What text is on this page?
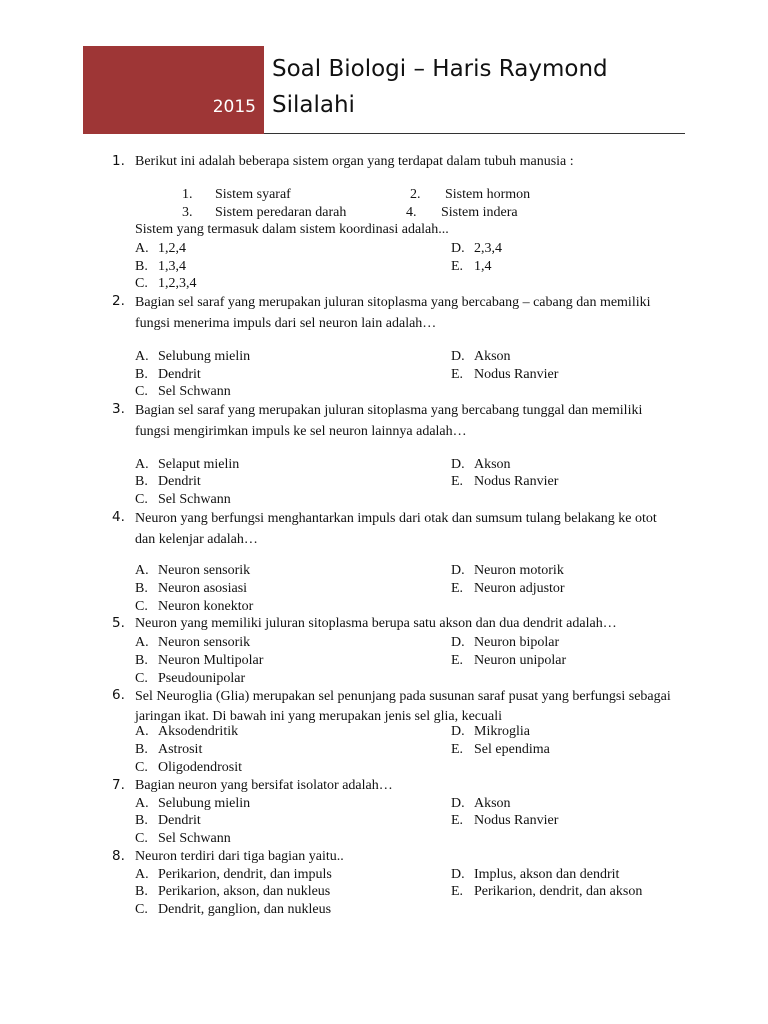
2015
Soal Biologi – Haris Raymond
Silalahi
1. Berikut ini adalah beberapa sistem organ yang terdapat dalam tubuh manusia :
1. Sistem syaraf	2. Sistem hormon
3. Sistem peredaran darah	4. Sistem indera
Sistem yang termasuk dalam sistem koordinasi adalah...
A. 1,2,4
B. 1,3,4
C. 1,2,3,4
D. 2,3,4
E. 1,4
2. Bagian sel saraf yang merupakan juluran sitoplasma yang bercabang – cabang dan memiliki fungsi menerima impuls dari sel neuron lain adalah…
A. Selubung mielin
B. Dendrit
C. Sel Schwann
D. Akson
E. Nodus Ranvier
3. Bagian sel saraf yang merupakan juluran sitoplasma yang bercabang tunggal dan memiliki fungsi mengirimkan impuls ke sel neuron lainnya adalah…
A. Selaput mielin
B. Dendrit
C. Sel Schwann
D. Akson
E. Nodus Ranvier
4. Neuron yang berfungsi menghantarkan impuls dari otak dan sumsum tulang belakang ke otot dan kelenjar adalah…
A. Neuron sensorik
B. Neuron asosiasi
C. Neuron konektor
D. Neuron motorik
E. Neuron adjustor
5. Neuron yang memiliki juluran sitoplasma berupa satu akson dan dua dendrit adalah…
A. Neuron sensorik
B. Neuron Multipolar
C. Pseudounipolar
D. Neuron bipolar
E. Neuron unipolar
6. Sel Neuroglia (Glia) merupakan sel penunjang pada susunan saraf pusat yang berfungsi sebagai jaringan ikat. Di bawah ini yang merupakan jenis sel glia, kecuali
A. Aksodendritik
B. Astrosit
C. Oligodendrosit
D. Mikroglia
E. Sel ependima
7. Bagian neuron yang bersifat isolator adalah…
A. Selubung mielin
B. Dendrit
C. Sel Schwann
D. Akson
E. Nodus Ranvier
8. Neuron terdiri dari tiga bagian yaitu..
A. Perikarion, dendrit, dan impuls
B. Perikarion, akson, dan nukleus
C. Dendrit, ganglion, dan nukleus
D. Implus, akson dan dendrit
E. Perikarion, dendrit, dan akson
